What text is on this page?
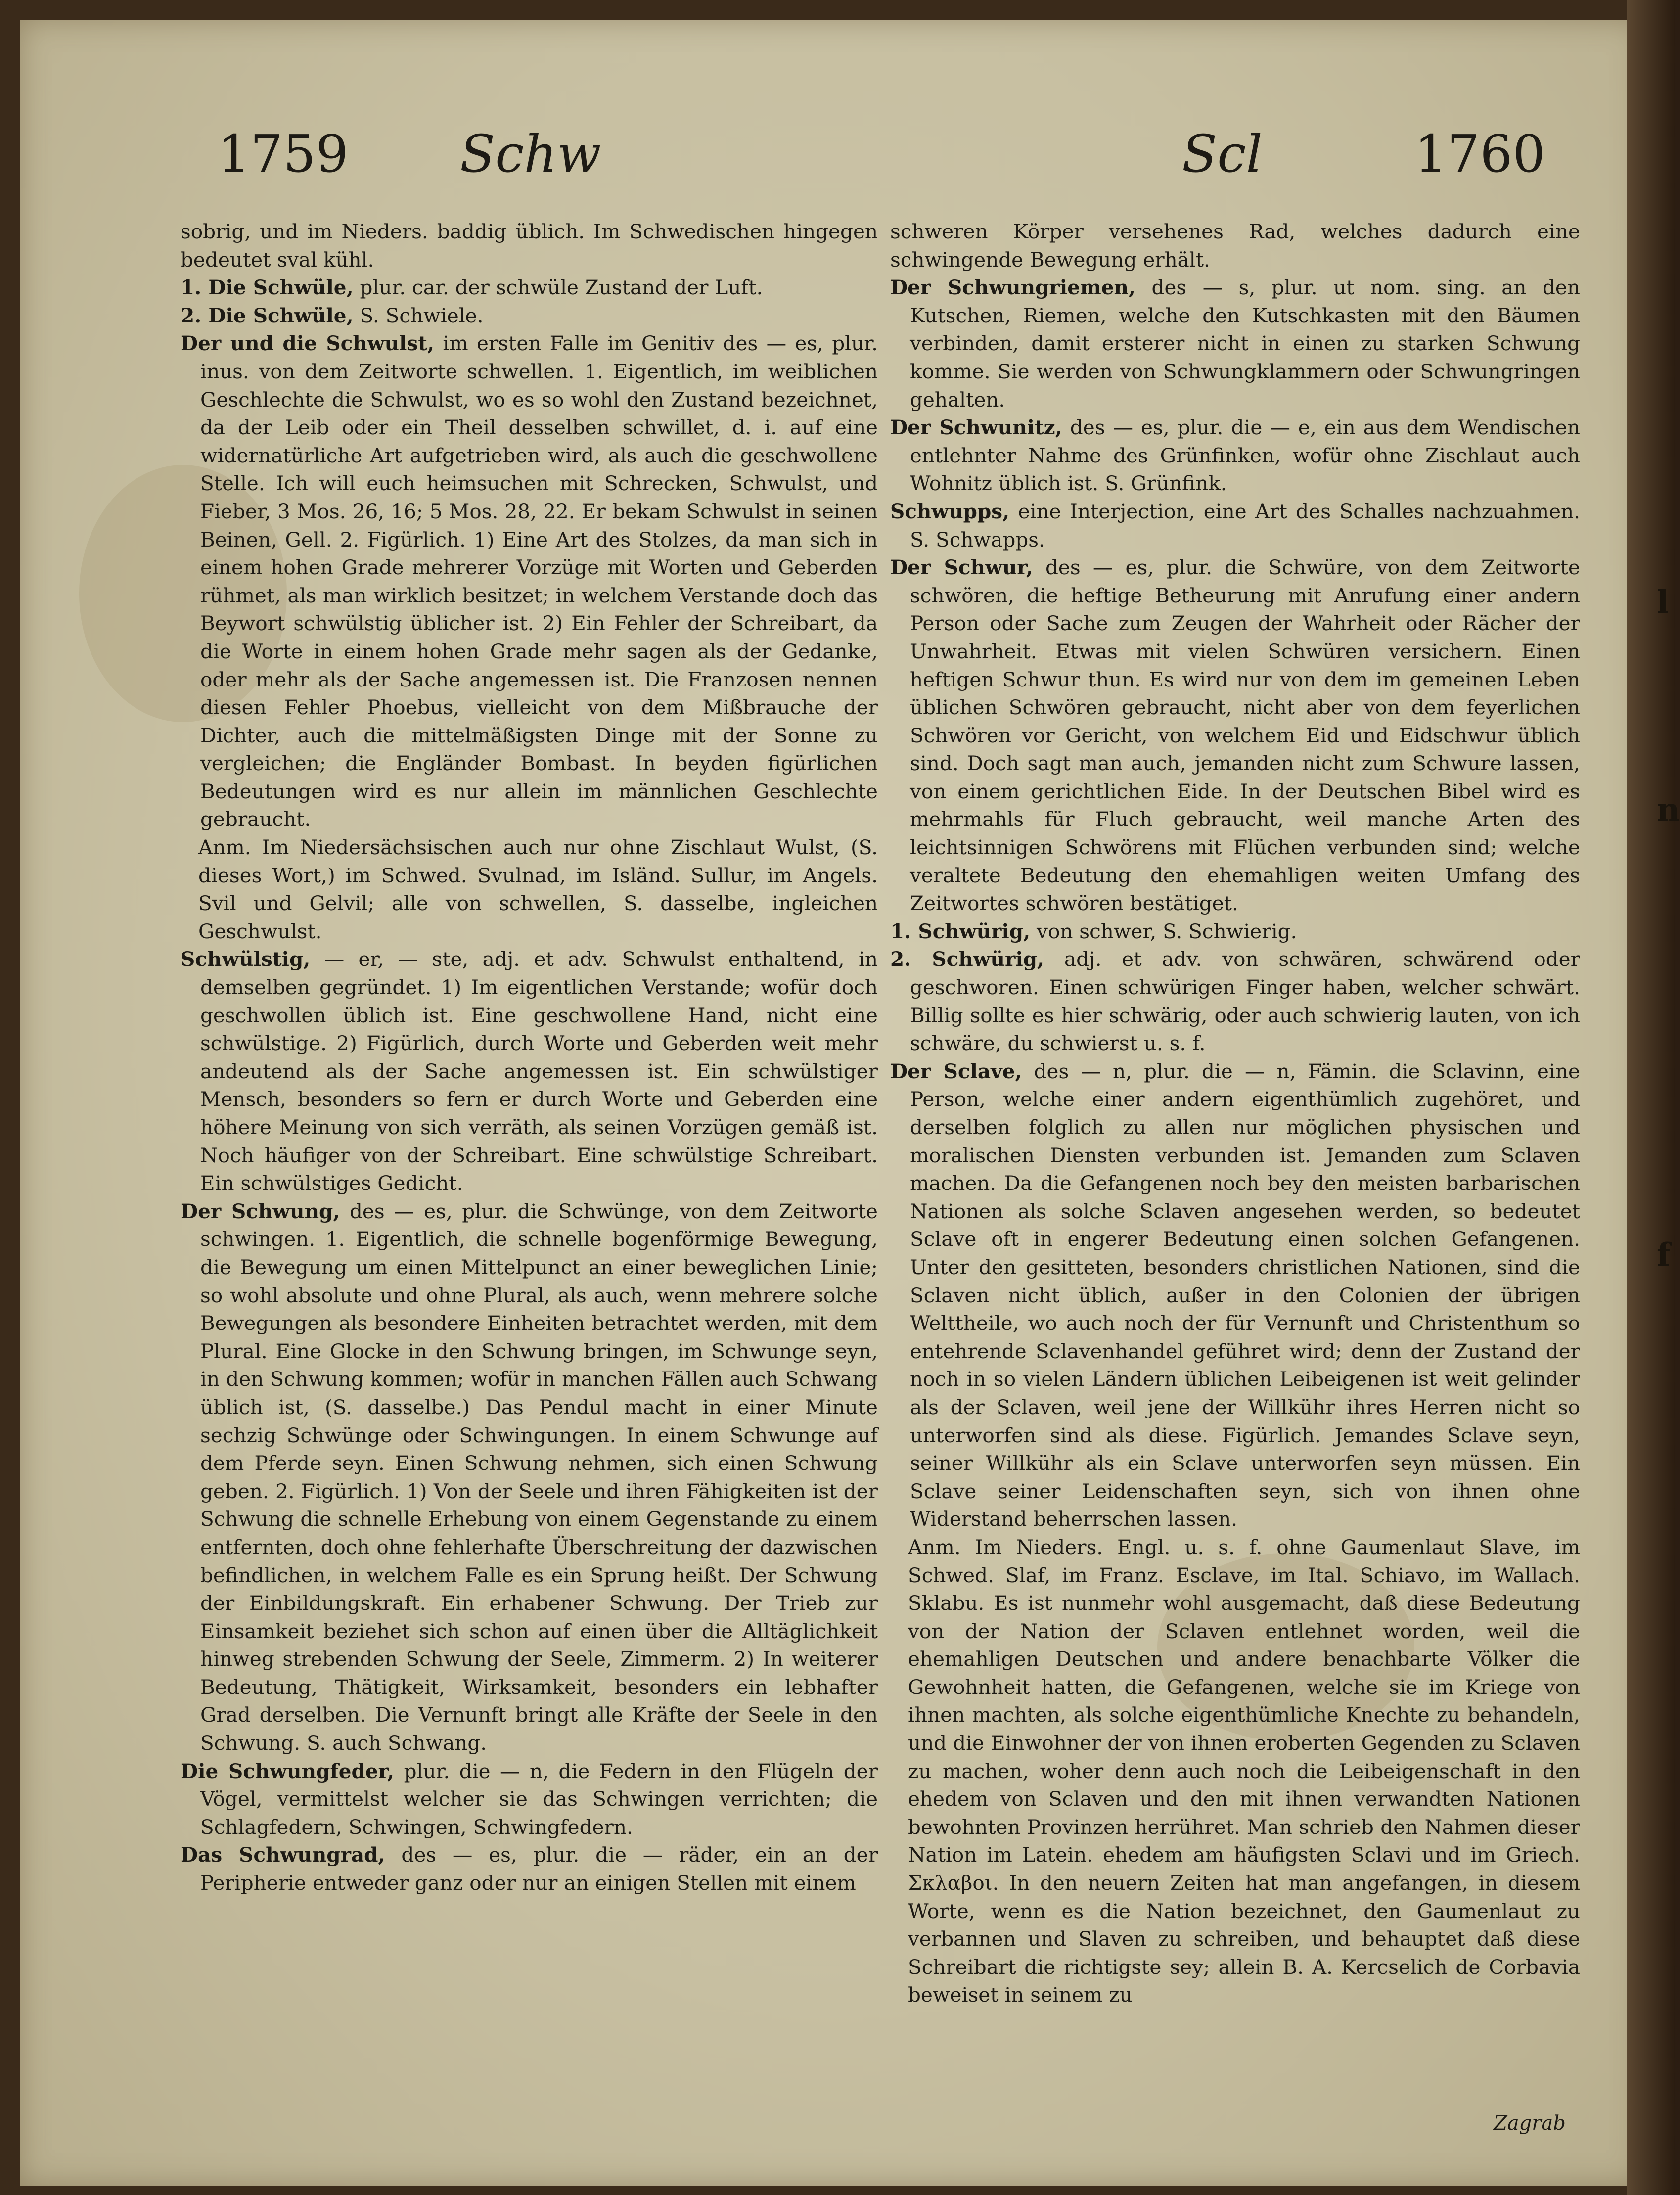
l
n
f
1759 Schw	Scl	1760

sobrig, und im Nieders. baddig üblich. Im Schwedischen hingegen bedeutet sval kühl.

1. Die Schwüle, plur. car. der schwüle Zustand der Luft.

2. Die Schwüle, S. Schwiele.

Der und die Schwulst, im ersten Falle im Genitiv des — es, plur. inus. von dem Zeitworte schwellen. 1. Eigentlich, im weiblichen Geschlechte die Schwulst, wo es so wohl den Zustand bezeichnet, da der Leib oder ein Theil desselben schwillet, d. i. auf eine widernatürliche Art aufgetrieben wird, als auch die geschwollene Stelle. Ich will euch heimsuchen mit Schrecken, Schwulst, und Fieber, 3 Mos. 26, 16; 5 Mos. 28, 22. Er bekam Schwulst in seinen Beinen, Gell. 2. Figürlich. 1) Eine Art des Stolzes, da man sich in einem hohen Grade mehrerer Vorzüge mit Worten und Geberden rühmet, als man wirklich besitzet; in welchem Verstande doch das Beywort schwülstig üblicher ist. 2) Ein Fehler der Schreibart, da die Worte in einem hohen Grade mehr sagen als der Gedanke, oder mehr als der Sache angemessen ist. Die Franzosen nennen diesen Fehler Phoebus, vielleicht von dem Mißbrauche der Dichter, auch die mittelmäßigsten Dinge mit der Sonne zu vergleichen; die Engländer Bombast. In beyden figürlichen Bedeutungen wird es nur allein im männlichen Geschlechte gebraucht.

Anm. Im Niedersächsischen auch nur ohne Zischlaut Wulst, (S. dieses Wort,) im Schwed. Svulnad, im Isländ. Sullur, im Angels. Svil und Gelvil; alle von schwellen, S. dasselbe, ingleichen Geschwulst.

Schwülstig, — er, — ste, adj. et adv. Schwulst enthaltend, in demselben gegründet. 1) Im eigentlichen Verstande; wofür doch geschwollen üblich ist. Eine geschwollene Hand, nicht eine schwülstige. 2) Figürlich, durch Worte und Geberden weit mehr andeutend als der Sache angemessen ist. Ein schwülstiger Mensch, besonders so fern er durch Worte und Geberden eine höhere Meinung von sich verräth, als seinen Vorzügen gemäß ist. Noch häufiger von der Schreibart. Eine schwülstige Schreibart. Ein schwülstiges Gedicht.

Der Schwung, des — es, plur. die Schwünge, von dem Zeitworte schwingen. 1. Eigentlich, die schnelle bogenförmige Bewegung, die Bewegung um einen Mittelpunct an einer beweglichen Linie; so wohl absolute und ohne Plural, als auch, wenn mehrere solche Bewegungen als besondere Einheiten betrachtet werden, mit dem Plural. Eine Glocke in den Schwung bringen, im Schwunge seyn, in den Schwung kommen; wofür in manchen Fällen auch Schwang üblich ist, (S. dasselbe.) Das Pendul macht in einer Minute sechzig Schwünge oder Schwingungen. In einem Schwunge auf dem Pferde seyn. Einen Schwung nehmen, sich einen Schwung geben. 2. Figürlich. 1) Von der Seele und ihren Fähigkeiten ist der Schwung die schnelle Erhebung von einem Gegenstande zu einem entfernten, doch ohne fehlerhafte Überschreitung der dazwischen befindlichen, in welchem Falle es ein Sprung heißt. Der Schwung der Einbildungskraft. Ein erhabener Schwung. Der Trieb zur Einsamkeit beziehet sich schon auf einen über die Alltäglichkeit hinweg strebenden Schwung der Seele, Zimmerm. 2) In weiterer Bedeutung, Thätigkeit, Wirksamkeit, besonders ein lebhafter Grad derselben. Die Vernunft bringt alle Kräfte der Seele in den Schwung. S. auch Schwang.

Die Schwungfeder, plur. die — n, die Federn in den Flügeln der Vögel, vermittelst welcher sie das Schwingen verrichten; die Schlagfedern, Schwingen, Schwingfedern.

Das Schwungrad, des — es, plur. die — räder, ein an der Peripherie entweder ganz oder nur an einigen Stellen mit einem

schweren Körper versehenes Rad, welches dadurch eine schwingende Bewegung erhält.

Der Schwungriemen, des — s, plur. ut nom. sing. an den Kutschen, Riemen, welche den Kutschkasten mit den Bäumen verbinden, damit ersterer nicht in einen zu starken Schwung komme. Sie werden von Schwungklammern oder Schwungringen gehalten.

Der Schwunitz, des — es, plur. die — e, ein aus dem Wendischen entlehnter Nahme des Grünfinken, wofür ohne Zischlaut auch Wohnitz üblich ist. S. Grünfink.

Schwupps, eine Interjection, eine Art des Schalles nachzuahmen. S. Schwapps.

Der Schwur, des — es, plur. die Schwüre, von dem Zeitworte schwören, die heftige Betheurung mit Anrufung einer andern Person oder Sache zum Zeugen der Wahrheit oder Rächer der Unwahrheit. Etwas mit vielen Schwüren versichern. Einen heftigen Schwur thun. Es wird nur von dem im gemeinen Leben üblichen Schwören gebraucht, nicht aber von dem feyerlichen Schwören vor Gericht, von welchem Eid und Eidschwur üblich sind. Doch sagt man auch, jemanden nicht zum Schwure lassen, von einem gerichtlichen Eide. In der Deutschen Bibel wird es mehrmahls für Fluch gebraucht, weil manche Arten des leichtsinnigen Schwörens mit Flüchen verbunden sind; welche veraltete Bedeutung den ehemahligen weiten Umfang des Zeitwortes schwören bestätiget.

1. Schwürig, von schwer, S. Schwierig.

2. Schwürig, adj. et adv. von schwären, schwärend oder geschworen. Einen schwürigen Finger haben, welcher schwärt. Billig sollte es hier schwärig, oder auch schwierig lauten, von ich schwäre, du schwierst u. s. f.

Der Sclave, des — n, plur. die — n, Fämin. die Sclavinn, eine Person, welche einer andern eigenthümlich zugehöret, und derselben folglich zu allen nur möglichen physischen und moralischen Diensten verbunden ist. Jemanden zum Sclaven machen. Da die Gefangenen noch bey den meisten barbarischen Nationen als solche Sclaven angesehen werden, so bedeutet Sclave oft in engerer Bedeutung einen solchen Gefangenen. Unter den gesitteten, besonders christlichen Nationen, sind die Sclaven nicht üblich, außer in den Colonien der übrigen Welttheile, wo auch noch der für Vernunft und Christenthum so entehrende Sclavenhandel geführet wird; denn der Zustand der noch in so vielen Ländern üblichen Leibeigenen ist weit gelinder als der Sclaven, weil jene der Willkühr ihres Herren nicht so unterworfen sind als diese. Figürlich. Jemandes Sclave seyn, seiner Willkühr als ein Sclave unterworfen seyn müssen. Ein Sclave seiner Leidenschaften seyn, sich von ihnen ohne Widerstand beherrschen lassen.

Anm. Im Nieders. Engl. u. s. f. ohne Gaumenlaut Slave, im Schwed. Slaf, im Franz. Esclave, im Ital. Schiavo, im Wallach. Sklabu. Es ist nunmehr wohl ausgemacht, daß diese Bedeutung von der Nation der Sclaven entlehnet worden, weil die ehemahligen Deutschen und andere benachbarte Völker die Gewohnheit hatten, die Gefangenen, welche sie im Kriege von ihnen machten, als solche eigenthümliche Knechte zu behandeln, und die Einwohner der von ihnen eroberten Gegenden zu Sclaven zu machen, woher denn auch noch die Leibeigenschaft in den ehedem von Sclaven und den mit ihnen verwandten Nationen bewohnten Provinzen herrühret. Man schrieb den Nahmen dieser Nation im Latein. ehedem am häufigsten Sclavi und im Griech. Σκλαβοι. In den neuern Zeiten hat man angefangen, in diesem Worte, wenn es die Nation bezeichnet, den Gaumenlaut zu verbannen und Slaven zu schreiben, und behauptet daß diese Schreibart die richtigste sey; allein B. A. Kercselich de Corbavia beweiset in seinem zu

Zagrab
